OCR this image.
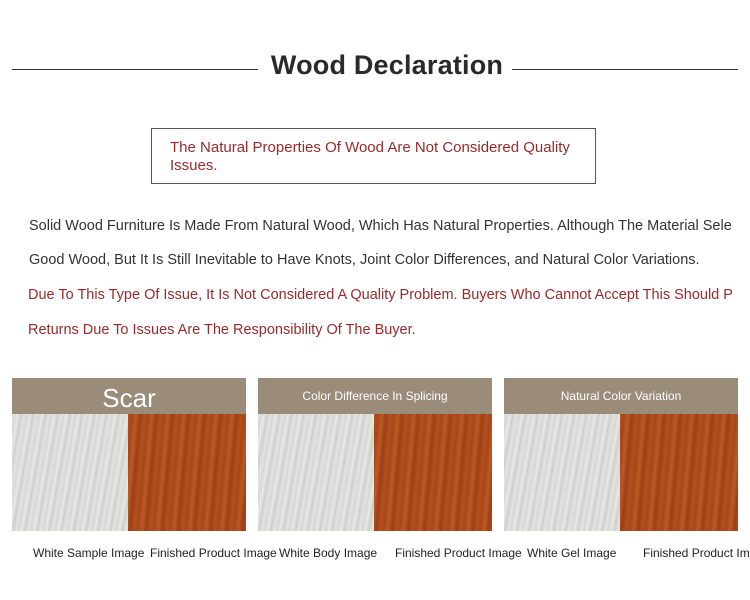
Wood Declaration
The Natural Properties Of Wood Are Not Considered Quality Issues.
Solid Wood Furniture Is Made From Natural Wood, Which Has Natural Properties. Although The Material Sele
Good Wood, But It Is Still Inevitable to Have Knots, Joint Color Differences, and Natural Color Variations.
Due To This Type Of Issue, It Is Not Considered A Quality Problem. Buyers Who Cannot Accept This Should P
Returns Due To Issues Are The Responsibility Of The Buyer.
Scar	Color Difference In Splicing	Natural Color Variation
White Sample Image Finished Product Image White Body Image Finished Product Image White Gel Image Finished Product Im
